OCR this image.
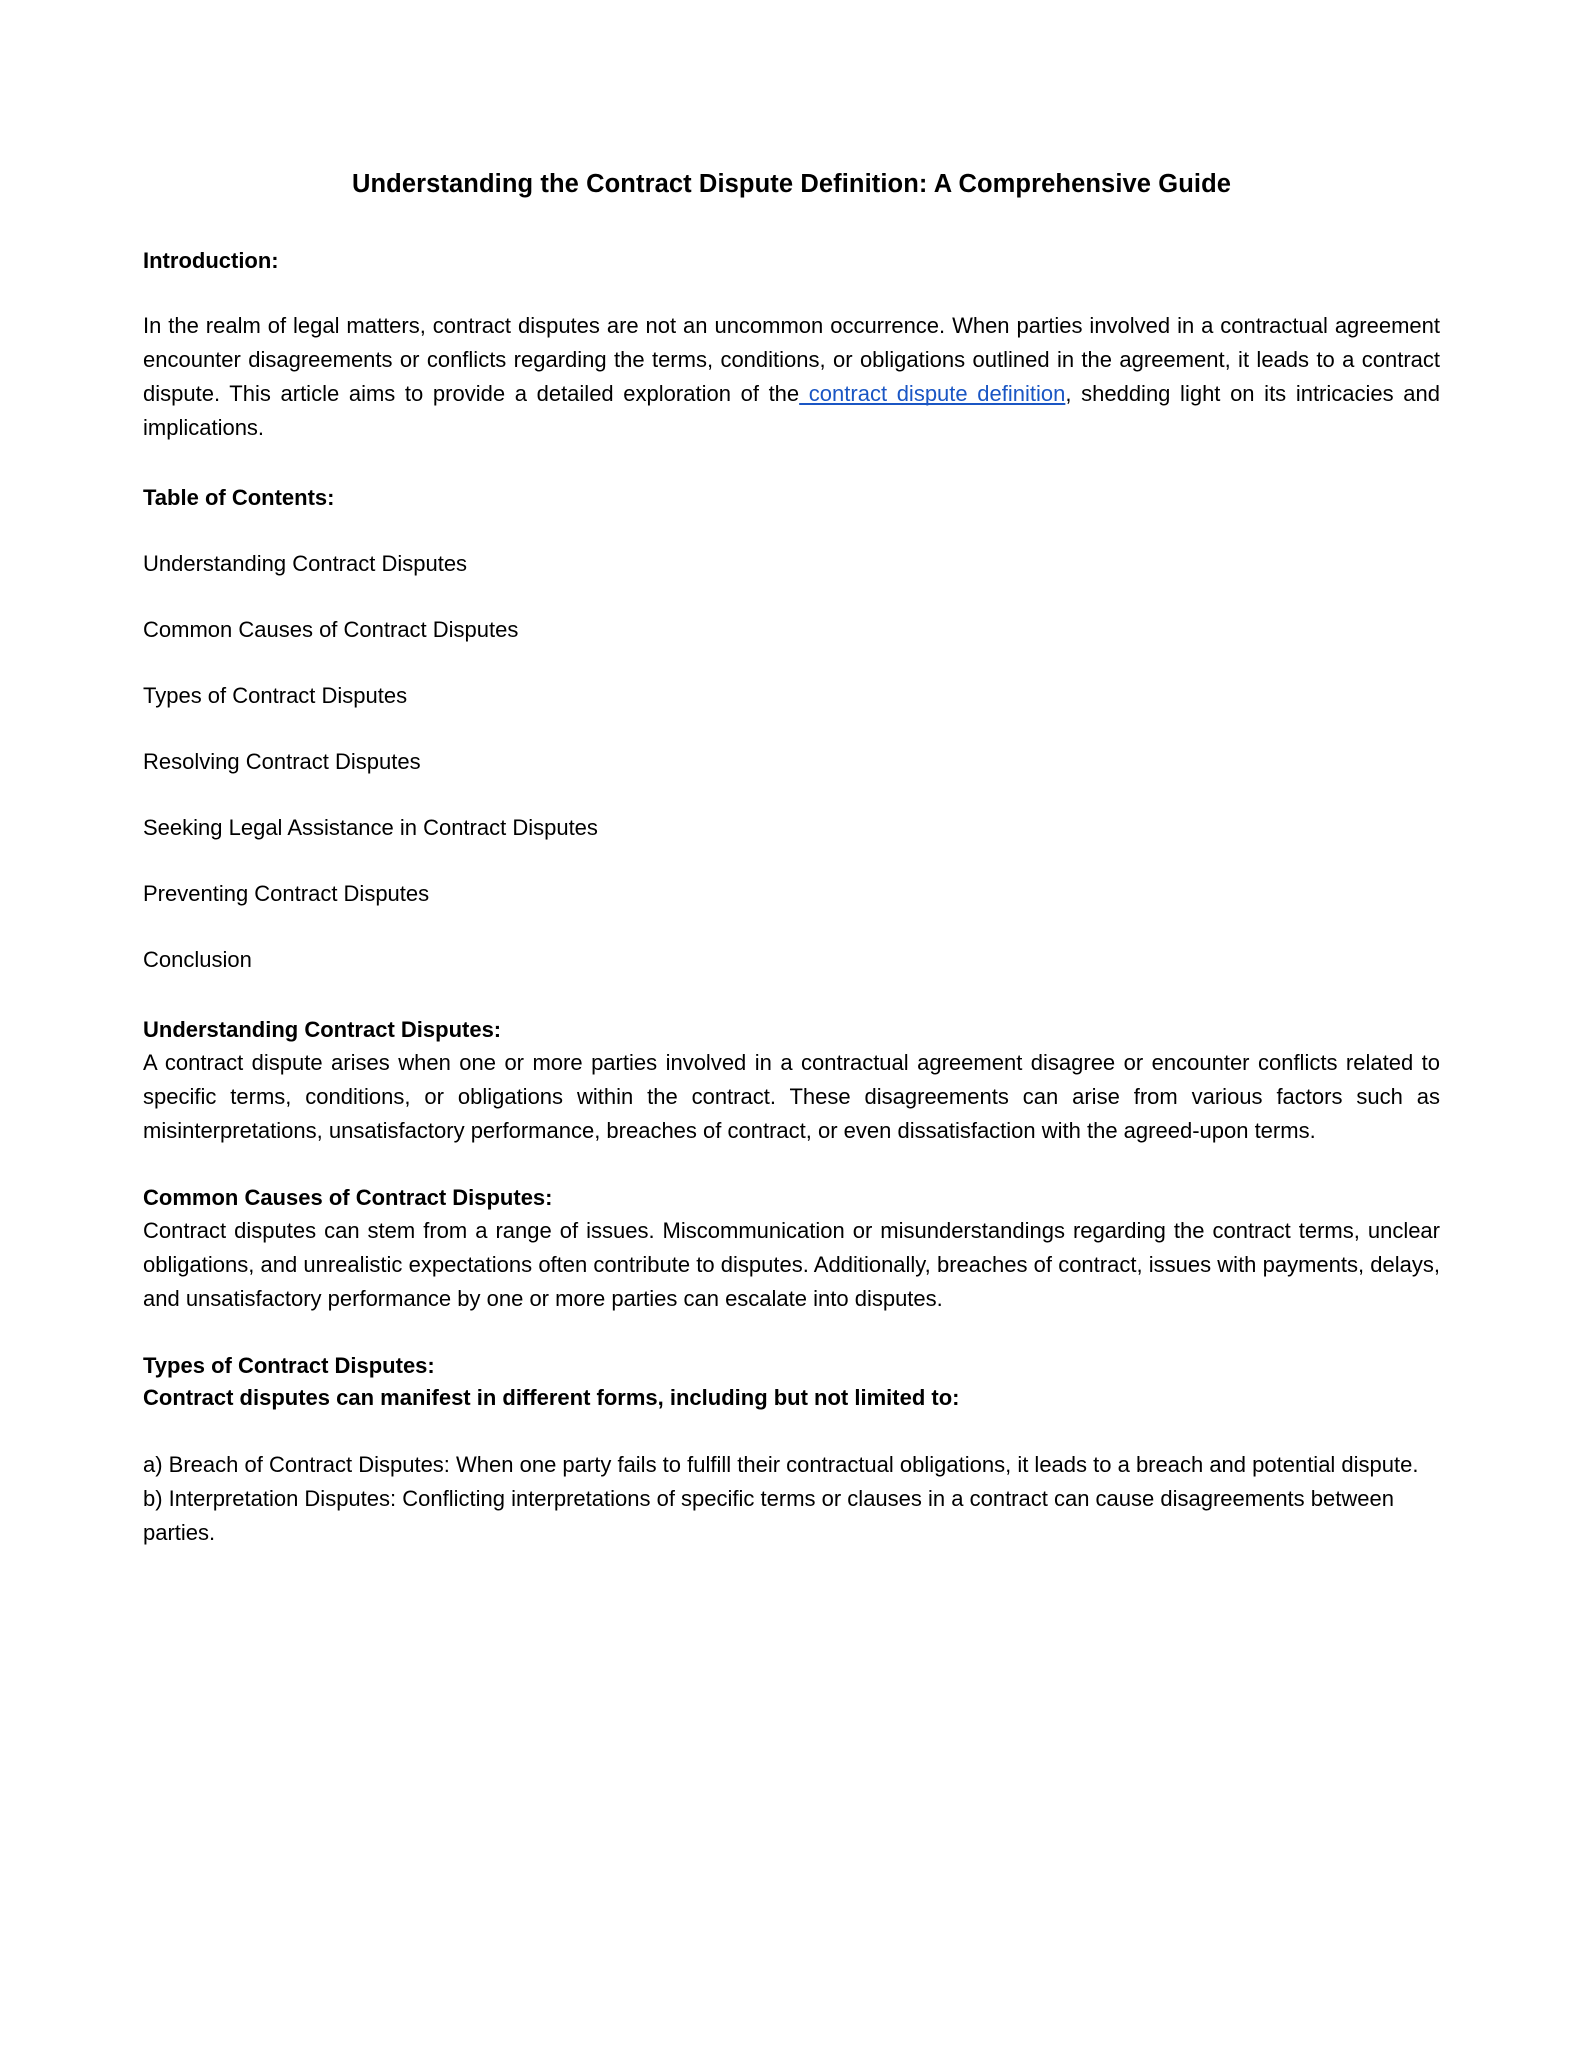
Understanding the Contract Dispute Definition: A Comprehensive Guide

Introduction:

In the realm of legal matters, contract disputes are not an uncommon occurrence. When parties involved in a contractual agreement encounter disagreements or conflicts regarding the terms, conditions, or obligations outlined in the agreement, it leads to a contract dispute. This article aims to provide a detailed exploration of the contract dispute definition, shedding light on its intricacies and implications.

Table of Contents:

Understanding Contract Disputes

Common Causes of Contract Disputes

Types of Contract Disputes

Resolving Contract Disputes

Seeking Legal Assistance in Contract Disputes

Preventing Contract Disputes

Conclusion

Understanding Contract Disputes:

A contract dispute arises when one or more parties involved in a contractual agreement disagree or encounter conflicts related to specific terms, conditions, or obligations within the contract. These disagreements can arise from various factors such as misinterpretations, unsatisfactory performance, breaches of contract, or even dissatisfaction with the agreed-upon terms.

Common Causes of Contract Disputes:

Contract disputes can stem from a range of issues. Miscommunication or misunderstandings regarding the contract terms, unclear obligations, and unrealistic expectations often contribute to disputes. Additionally, breaches of contract, issues with payments, delays, and unsatisfactory performance by one or more parties can escalate into disputes.

Types of Contract Disputes:

Contract disputes can manifest in different forms, including but not limited to:

a) Breach of Contract Disputes: When one party fails to fulfill their contractual obligations, it leads to a breach and potential dispute.

b) Interpretation Disputes: Conflicting interpretations of specific terms or clauses in a contract can cause disagreements between parties.
